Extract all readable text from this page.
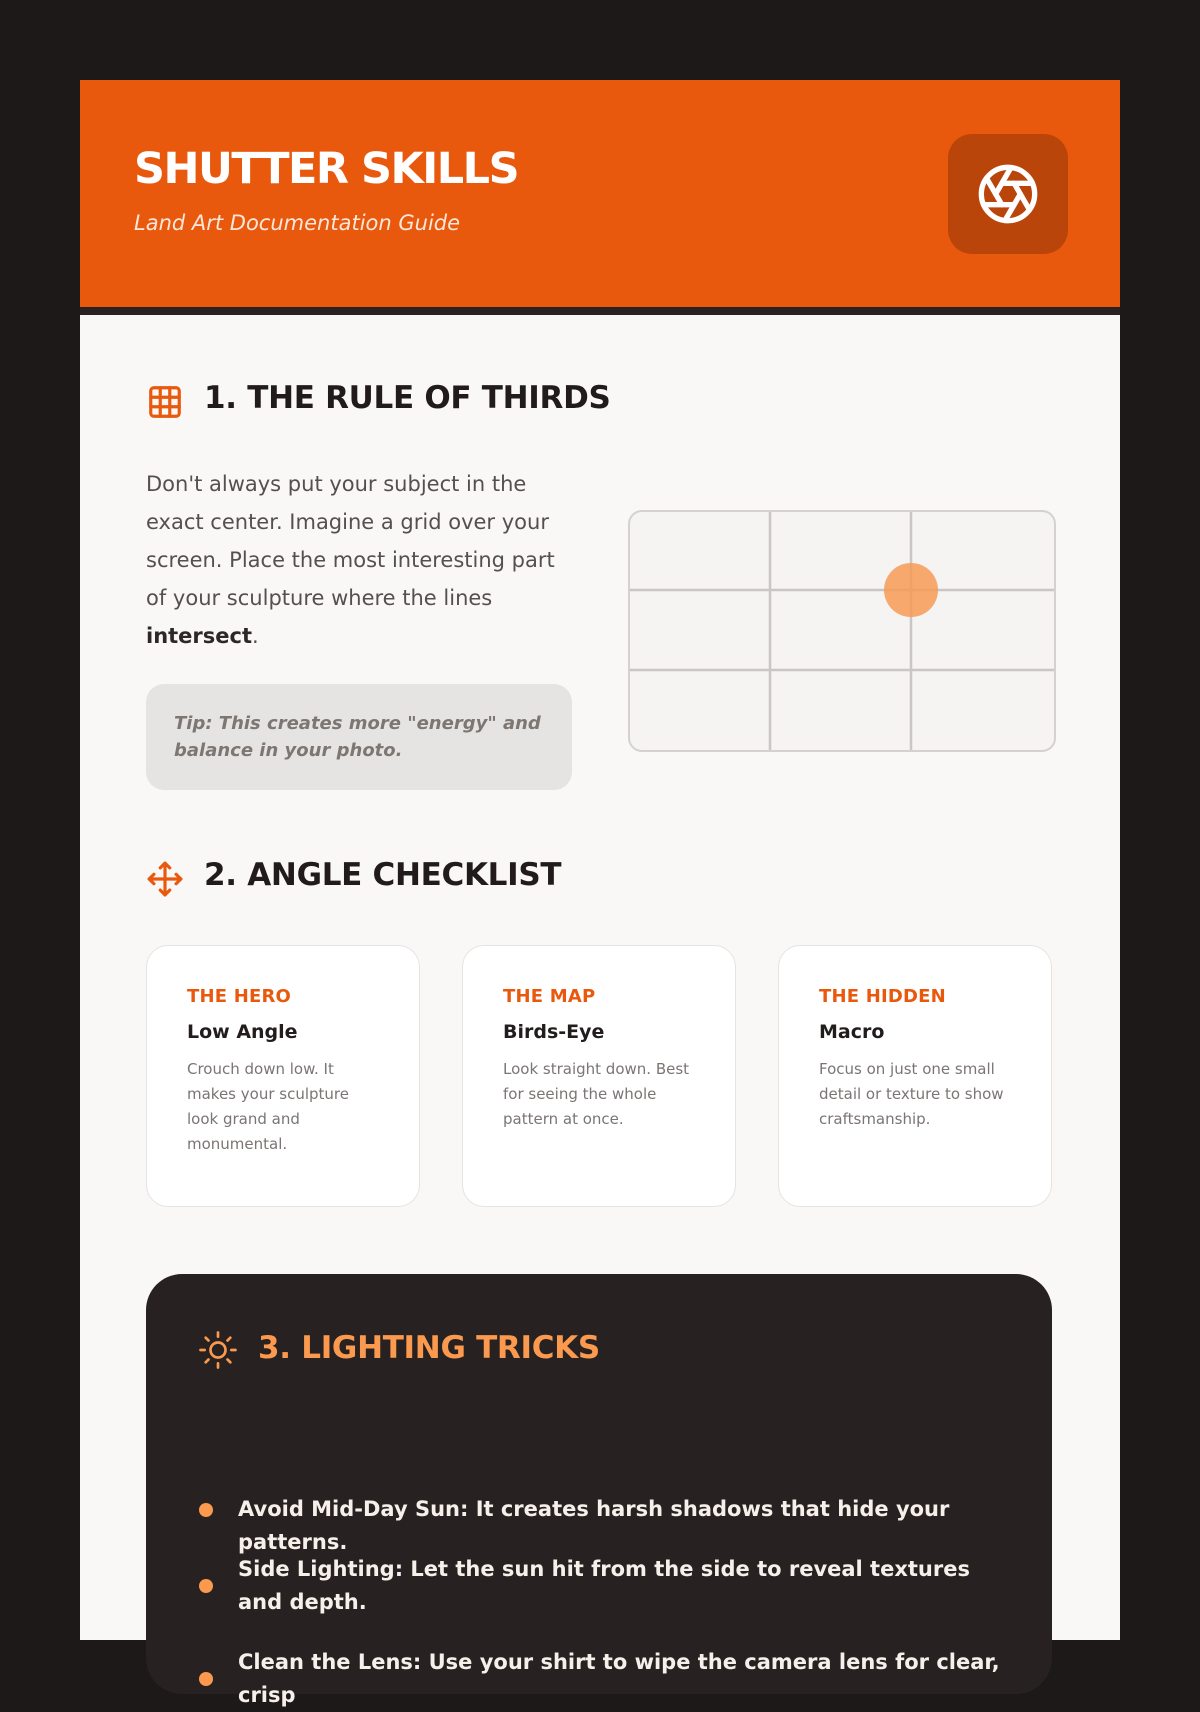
SHUTTER SKILLS
Land Art Documentation Guide
1. THE RULE OF THIRDS
Don't always put your subject in the exact center. Imagine a grid over your screen. Place the most interesting part of your sculpture where the lines intersect.
Tip: This creates more "energy" and balance in your photo.
2. ANGLE CHECKLIST
THE HERO
Low Angle
Crouch down low. It makes your sculpture look grand and monumental.
THE MAP
Birds-Eye
Look straight down. Best for seeing the whole pattern at once.
THE HIDDEN
Macro
Focus on just one small detail or texture to show craftsmanship.
3. LIGHTING TRICKS
Avoid Mid-Day Sun: It creates harsh shadows that hide your patterns.
Side Lighting: Let the sun hit from the side to reveal textures and depth.
Clean the Lens: Use your shirt to wipe the camera lens for clear, crisp
